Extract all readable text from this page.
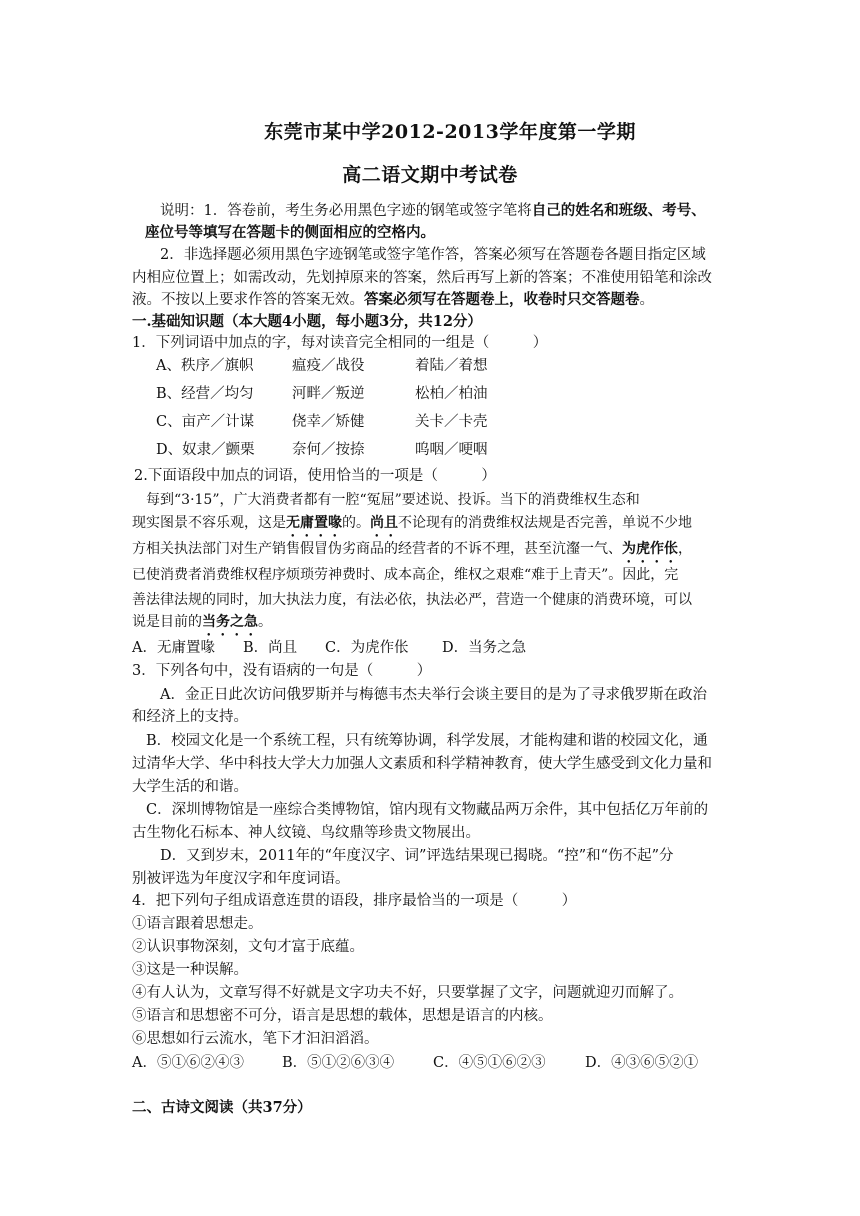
东莞市某中学2012-2013学年度第一学期
高二语文期中考试卷
说明：1．答卷前，考生务必用黑色字迹的钢笔或签字笔将自己的姓名和班级、考号、
座位号等填写在答题卡的侧面相应的空格内。
2．非选择题必须用黑色字迹钢笔或签字笔作答，答案必须写在答题卷各题目指定区域
内相应位置上；如需改动，先划掉原来的答案，然后再写上新的答案；不准使用铅笔和涂改
液。不按以上要求作答的答案无效。答案必须写在答题卷上，收卷时只交答题卷。
一.基础知识题（本大题4小题，每小题3分，共12分）
1．下列词语中加点的字，每对读音完全相同的一组是（　　　）
A、秩序／旗帜	瘟疫／战役	着陆／着想
B、经营／均匀	河畔／叛逆	松柏／柏油
C、亩产／计谋	侥幸／矫健	关卡／卡壳
D、奴隶／颤栗	奈何／按捺	呜咽／哽咽
2.下面语段中加点的词语，使用恰当的一项是（　　　）
每到“3·15”，广大消费者都有一腔“冤屈”要述说、投诉。当下的消费维权生态和
现实图景不容乐观，这是无庸置喙的。尚且不论现有的消费维权法规是否完善，单说不少地
方相关执法部门对生产销售假冒伪劣商品的经营者的不诉不理，甚至沆瀣一气、为虎作伥，
已使消费者消费维权程序烦琐劳神费时、成本高企，维权之艰难“难于上青天”。因此，完
善法律法规的同时，加大执法力度，有法必依，执法必严，营造一个健康的消费环境，可以
说是目前的当务之急。
A．无庸置喙 B．尚且 C．为虎作伥 D．当务之急
3．下列各句中，没有语病的一句是（　　　）
A．金正日此次访问俄罗斯并与梅德韦杰夫举行会谈主要目的是为了寻求俄罗斯在政治
和经济上的支持。
B．校园文化是一个系统工程，只有统筹协调，科学发展，才能构建和谐的校园文化，通
过清华大学、华中科技大学大力加强人文素质和科学精神教育，使大学生感受到文化力量和
大学生活的和谐。
C．深圳博物馆是一座综合类博物馆，馆内现有文物藏品两万余件，其中包括亿万年前的
古生物化石标本、神人纹镜、鸟纹鼎等珍贵文物展出。
D．又到岁末，2011年的“年度汉字、词”评选结果现已揭晓。“控”和“伤不起”分
别被评选为年度汉字和年度词语。
4．把下列句子组成语意连贯的语段，排序最恰当的一项是（　　　）
①语言跟着思想走。
②认识事物深刻，文句才富于底蕴。
③这是一种误解。
④有人认为，文章写得不好就是文字功夫不好，只要掌握了文字，问题就迎刃而解了。
⑤语言和思想密不可分，语言是思想的载体，思想是语言的内核。
⑥思想如行云流水，笔下才汩汩滔滔。
A．⑤①⑥②④③	B．⑤①②⑥③④	C．④⑤①⑥②③	D．④③⑥⑤②①
二、古诗文阅读（共37分）
